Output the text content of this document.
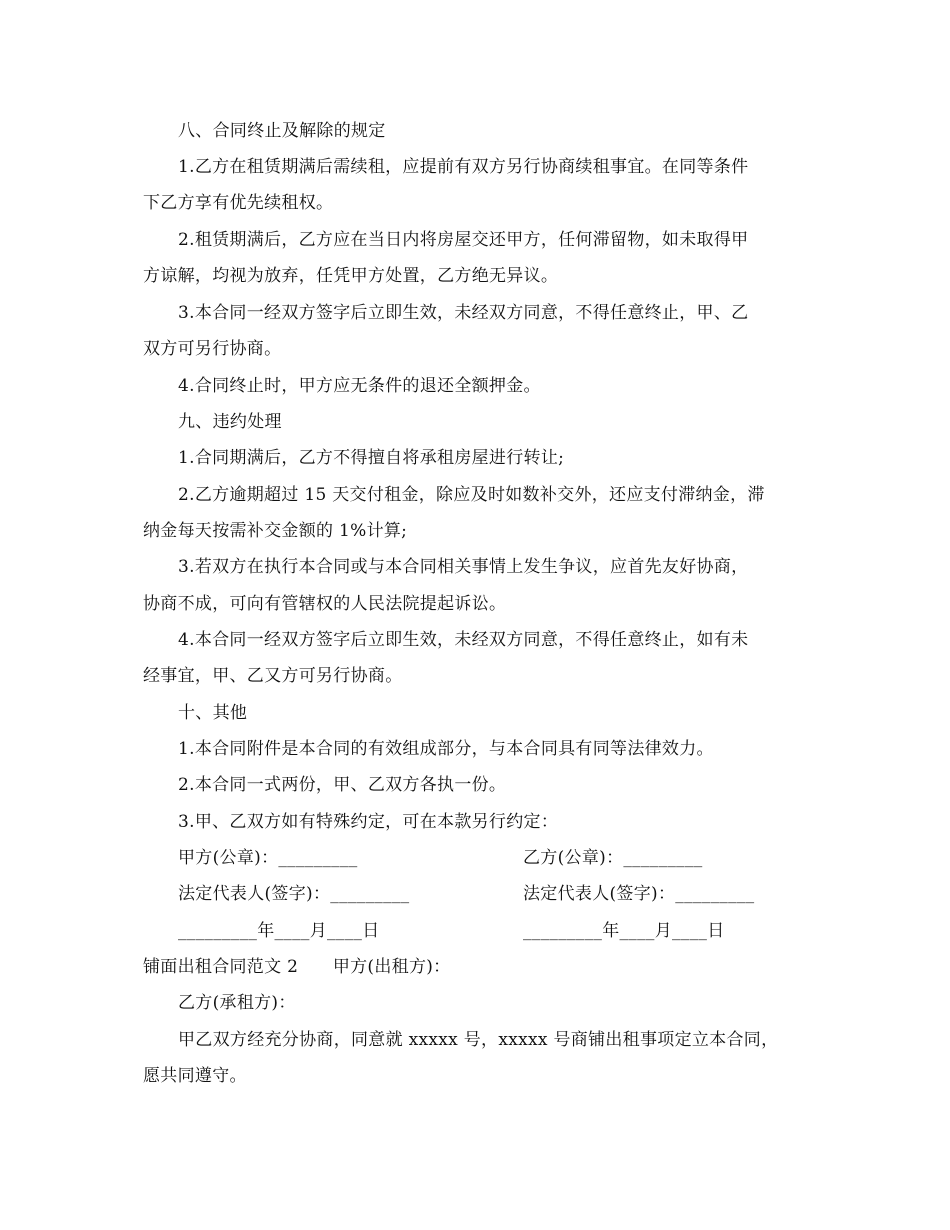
八、合同终止及解除的规定
1.乙方在租赁期满后需续租，应提前有双方另行协商续租事宜。在同等条件
下乙方享有优先续租权。
2.租赁期满后，乙方应在当日内将房屋交还甲方，任何滞留物，如未取得甲
方谅解，均视为放弃，任凭甲方处置，乙方绝无异议。
3.本合同一经双方签字后立即生效，未经双方同意，不得任意终止，甲、乙
双方可另行协商。
4.合同终止时，甲方应无条件的退还全额押金。
九、违约处理
1.合同期满后，乙方不得擅自将承租房屋进行转让;
2.乙方逾期超过 15 天交付租金，除应及时如数补交外，还应支付滞纳金，滞
纳金每天按需补交金额的 1%计算;
3.若双方在执行本合同或与本合同相关事情上发生争议，应首先友好协商，
协商不成，可向有管辖权的人民法院提起诉讼。
4.本合同一经双方签字后立即生效，未经双方同意，不得任意终止，如有未
经事宜，甲、乙又方可另行协商。
十、其他
1.本合同附件是本合同的有效组成部分，与本合同具有同等法律效力。
2.本合同一式两份，甲、乙双方各执一份。
3.甲、乙双方如有特殊约定，可在本款另行约定：
甲方(公章)：_________	乙方(公章)：_________
法定代表人(签字)：_________	法定代表人(签字)：_________
_________年____月____日	_________年____月____日
铺面出租合同范文 2　　甲方(出租方)：
乙方(承租方)：
甲乙双方经充分协商，同意就 xxxxx 号，xxxxx 号商铺出租事项定立本合同，
愿共同遵守。
